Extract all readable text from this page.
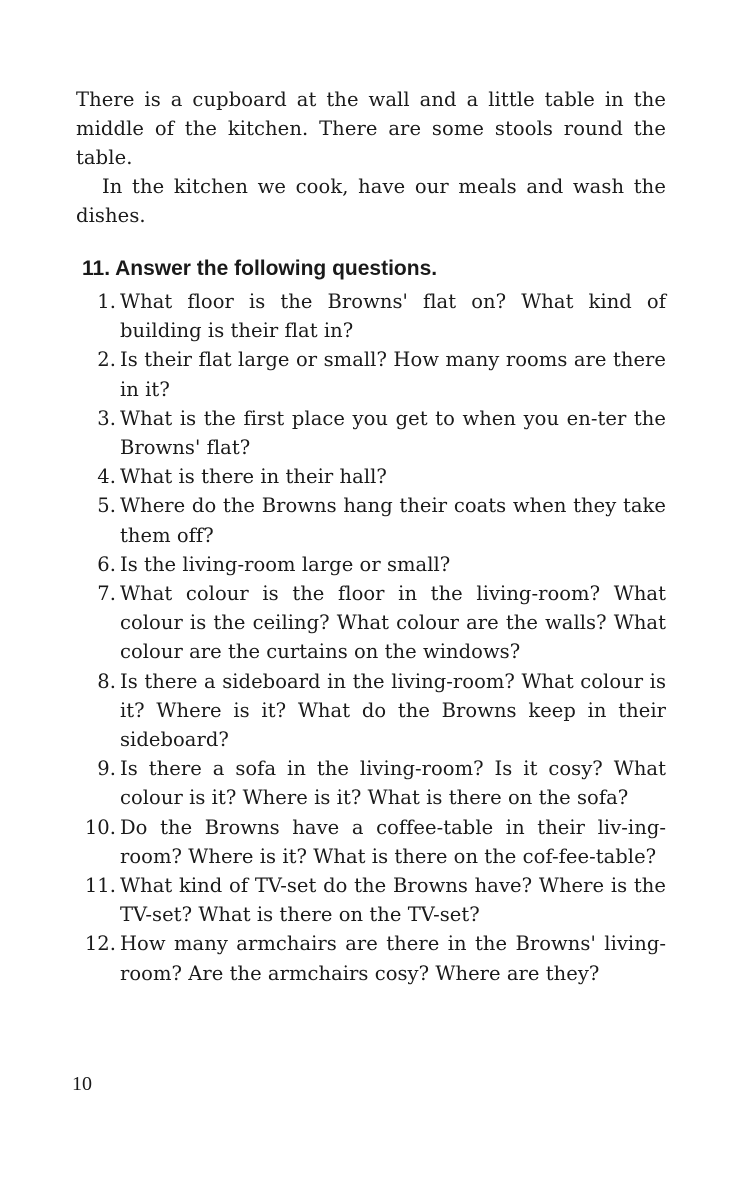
There is a cupboard at the wall and a little table in the middle of the kitchen. There are some stools round the table.

In the kitchen we cook, have our meals and wash the dishes.

11. Answer the following questions.
1. What floor is the Browns' flat on? What kind of building is their flat in?
2. Is their flat large or small? How many rooms are there in it?
3. What is the first place you get to when you en-ter the Browns' flat?
4. What is there in their hall?
5. Where do the Browns hang their coats when they take them off?
6. Is the living-room large or small?
7. What colour is the floor in the living-room? What colour is the ceiling? What colour are the walls? What colour are the curtains on the windows?
8. Is there a sideboard in the living-room? What colour is it? Where is it? What do the Browns keep in their sideboard?
9. Is there a sofa in the living-room? Is it cosy? What colour is it? Where is it? What is there on the sofa?
10. Do the Browns have a coffee-table in their liv-ing-room? Where is it? What is there on the cof-fee-table?
11. What kind of TV-set do the Browns have? Where is the TV-set? What is there on the TV-set?
12. How many armchairs are there in the Browns' living-room? Are the armchairs cosy? Where are they?
10
